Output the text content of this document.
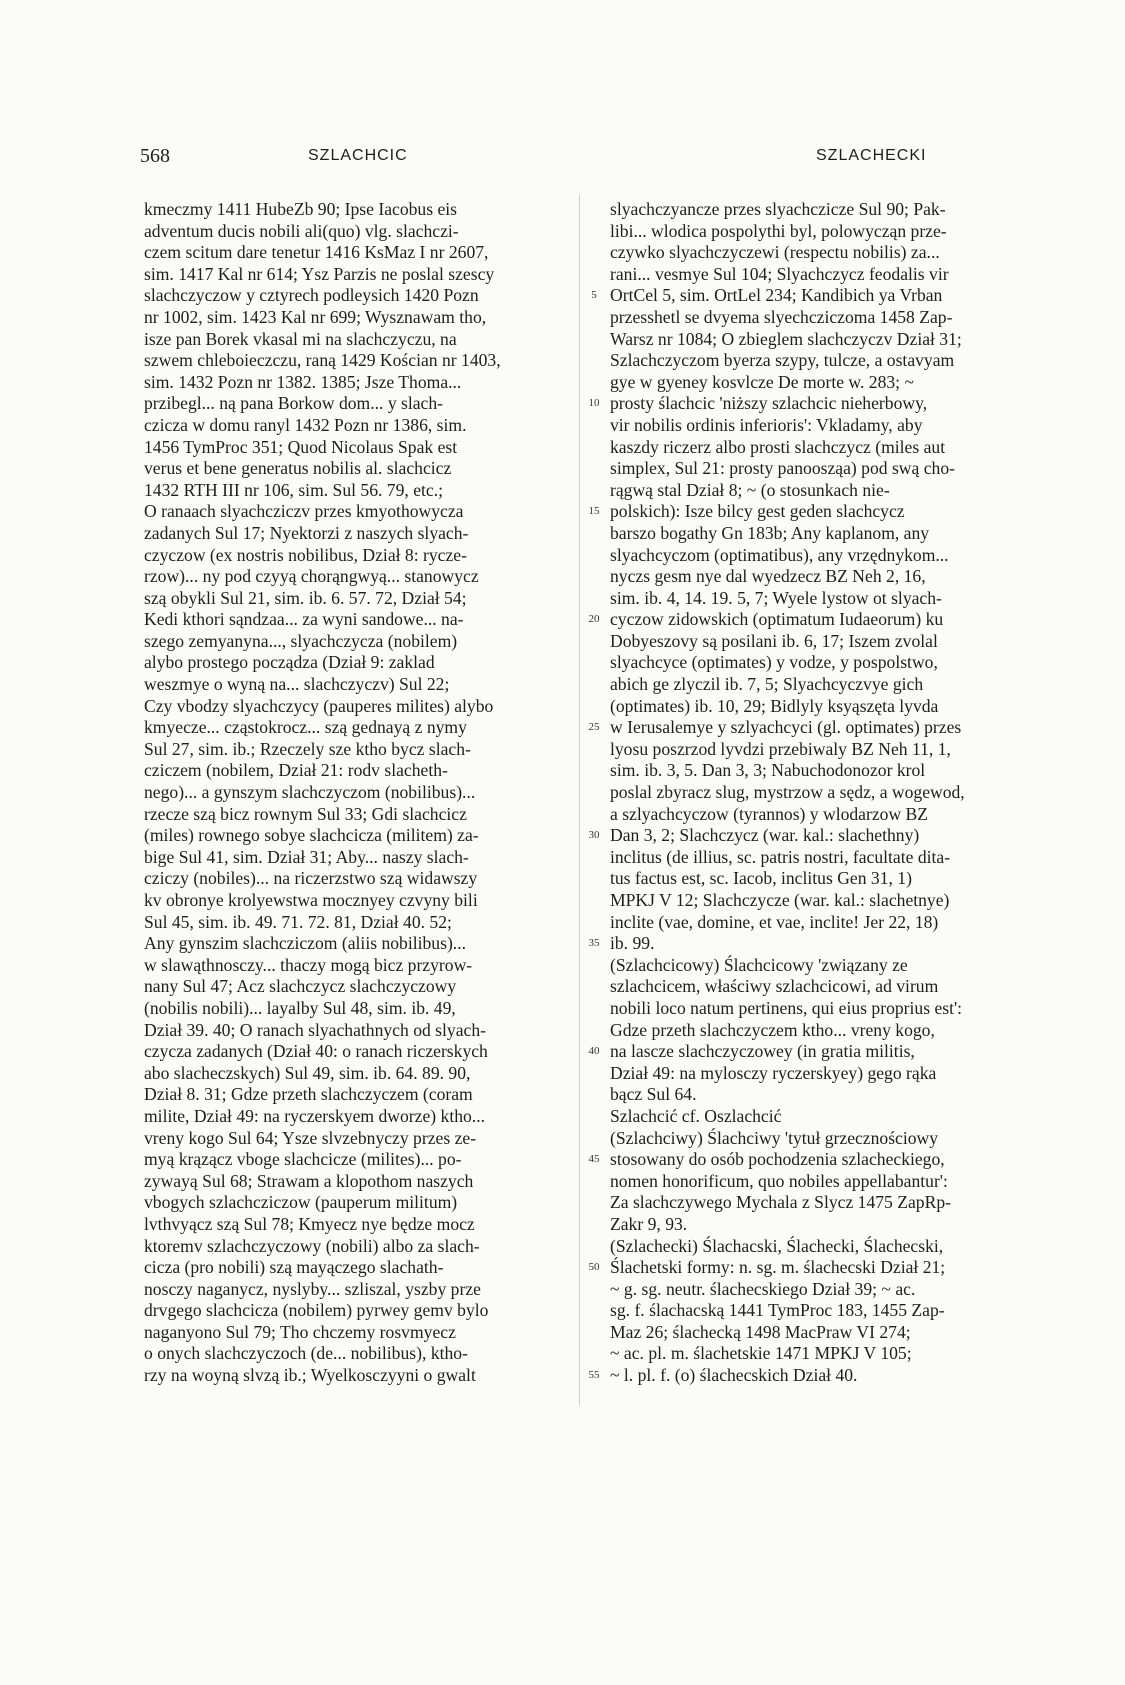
568	SZLACHCIC	SZLACHECKI
kmeczmy 1411 HubeZb 90; Ipse Iacobus eis
adventum ducis nobili ali(quo) vlg. slachczi-
czem scitum dare tenetur 1416 KsMaz I nr 2607,
sim. 1417 Kal nr 614; Ysz Parzis ne poslal szescy
slachczyczow y cztyrech podleysich 1420 Pozn
nr 1002, sim. 1423 Kal nr 699; Wysznawam tho,
isze pan Borek vkasal mi na slachczyczu, na
szwem chleboieczczu, raną 1429 Kościan nr 1403,
sim. 1432 Pozn nr 1382. 1385; Jsze Thoma...
przibegl... ną pana Borkow dom... y slach-
czicza w domu ranyl 1432 Pozn nr 1386, sim.
1456 TymProc 351; Quod Nicolaus Spak est
verus et bene generatus nobilis al. slachcicz
1432 RTH III nr 106, sim. Sul 56. 79, etc.;
O ranaach slyachcziczv przes kmyothowycza
zadanych Sul 17; Nyektorzi z naszych slyach-
czyczow (ex nostris nobilibus, Dział 8: rycze-
rzow)... ny pod czyyą chorąngwyą... stanowycz
szą obykli Sul 21, sim. ib. 6. 57. 72, Dział 54;
Kedi kthori sąndzaa... za wyni sandowe... na-
szego zemyanyna..., slyachczycza (nobilem)
alybo prostego począdza (Dział 9: zaklad
weszmye o wyną na... slachczyczv) Sul 22;
Czy vbodzy slyachczycy (pauperes milites) alybo
kmyecze... cząstokrocz... szą gednayą z nymy
Sul 27, sim. ib.; Rzeczely sze ktho bycz slach-
cziczem (nobilem, Dział 21: rodv slacheth-
nego)... a gynszym slachczyczom (nobilibus)...
rzecze szą bicz rownym Sul 33; Gdi slachcicz
(miles) rownego sobye slachcicza (militem) za-
bige Sul 41, sim. Dział 31; Aby... naszy slach-
cziczy (nobiles)... na riczerzstwo szą widawszy
kv obronye krolyewstwa mocznyey czvyny bili
Sul 45, sim. ib. 49. 71. 72. 81, Dział 40. 52;
Any gynszim slachcziczom (aliis nobilibus)...
w slawąthnosczy... thaczy mogą bicz przyrow-
nany Sul 47; Acz slachczycz slachczyczowy
(nobilis nobili)... layalby Sul 48, sim. ib. 49,
Dział 39. 40; O ranach slyachathnych od slyach-
czycza zadanych (Dział 40: o ranach riczerskych
abo slacheczskych) Sul 49, sim. ib. 64. 89. 90,
Dział 8. 31; Gdze przeth slachczyczem (coram
milite, Dział 49: na ryczerskyem dworze) ktho...
vreny kogo Sul 64; Ysze slvzebnyczy przes ze-
myą krązącz vboge slachcicze (milites)... po-
zywayą Sul 68; Strawam a klopothom naszych
vbogych szlachcziczow (pauperum militum)
lvthvyącz szą Sul 78; Kmyecz nye będze mocz
ktoremv szlachczyczowy (nobili) albo za slach-
cicza (pro nobili) szą mayączego slachath-
nosczy naganycz, nyslyby... szliszal, yszby prze
drvgego slachcicza (nobilem) pyrwey gemv bylo
naganyono Sul 79; Tho chczemy rosvmyecz
o onych slachczyczoch (de... nobilibus), ktho-
rzy na woyną slvzą ib.; Wyelkosczyyni o gwalt
5
10
15
20
25
30
35
40
45
50
55
slyachczyancze przes slyachczicze Sul 90; Pak-
libi... wlodica pospolythi byl, polowycząn prze-
czywko slyachczyczewi (respectu nobilis) za...
rani... vesmye Sul 104; Slyachczycz feodalis vir
OrtCel 5, sim. OrtLel 234; Kandibich ya Vrban
przesshetl se dvyema slyechcziczoma 1458 Zap-
Warsz nr 1084; O zbieglem slachczyczv Dział 31;
Szlachczyczom byerza szypy, tulcze, a ostavyam
gye w gyeney kosvlcze De morte w. 283; ~
prosty ślachcic 'niższy szlachcic nieherbowy,
vir nobilis ordinis inferioris': Vkladamy, aby
kaszdy riczerz albo prosti slachczycz (miles aut
simplex, Sul 21: prosty panoosząa) pod swą cho-
rągwą stal Dział 8; ~ (o stosunkach nie-
polskich): Isze bilcy gest geden slachcycz
barszo bogathy Gn 183b; Any kaplanom, any
slyachcyczom (optimatibus), any vrzędnykom...
nyczs gesm nye dal wyedzecz BZ Neh 2, 16,
sim. ib. 4, 14. 19. 5, 7; Wyele lystow ot slyach-
cyczow zidowskich (optimatum Iudaeorum) ku
Dobyeszovy są posilani ib. 6, 17; Iszem zvolal
slyachcyce (optimates) y vodze, y pospolstwo,
abich ge zlyczil ib. 7, 5; Slyachcyczvye gich
(optimates) ib. 10, 29; Bidlyly ksyąszęta lyvda
w Ierusalemye y szlyachcyci (gl. optimates) przes
lyosu poszrzod lyvdzi przebiwaly BZ Neh 11, 1,
sim. ib. 3, 5. Dan 3, 3; Nabuchodonozor krol
poslal zbyracz slug, mystrzow a sędz, a wogewod,
a szlyachcyczow (tyrannos) y wlodarzow BZ
Dan 3, 2; Slachczycz (war. kal.: slachethny)
inclitus (de illius, sc. patris nostri, facultate dita-
tus factus est, sc. Iacob, inclitus Gen 31, 1)
MPKJ V 12; Slachczycze (war. kal.: slachetnye)
inclite (vae, domine, et vae, inclite! Jer 22, 18)
ib. 99.
(Szlachcicowy) Ślachcicowy 'związany ze
szlachcicem, właściwy szlachcicowi, ad virum
nobili loco natum pertinens, qui eius proprius est':
Gdze przeth slachczyczem ktho... vreny kogo,
na lascze slachczyczowey (in gratia militis,
Dział 49: na mylosczy ryczerskyey) gego rąka
bącz Sul 64.
Szlachcić cf. Oszlachcić
(Szlachciwy) Ślachciwy 'tytuł grzecznościowy
stosowany do osób pochodzenia szlacheckiego,
nomen honorificum, quo nobiles appellabantur':
Za slachczywego Mychala z Slycz 1475 ZapRp-
Zakr 9, 93.
(Szlachecki) Ślachacski, Ślachecki, Ślachecski,
Ślachetski formy: n. sg. m. ślachecski Dział 21;
~ g. sg. neutr. ślachecskiego Dział 39; ~ ac.
sg. f. ślachacską 1441 TymProc 183, 1455 Zap-
Maz 26; ślachecką 1498 MacPraw VI 274;
~ ac. pl. m. ślachetskie 1471 MPKJ V 105;
~ l. pl. f. (o) ślachecskich Dział 40.
